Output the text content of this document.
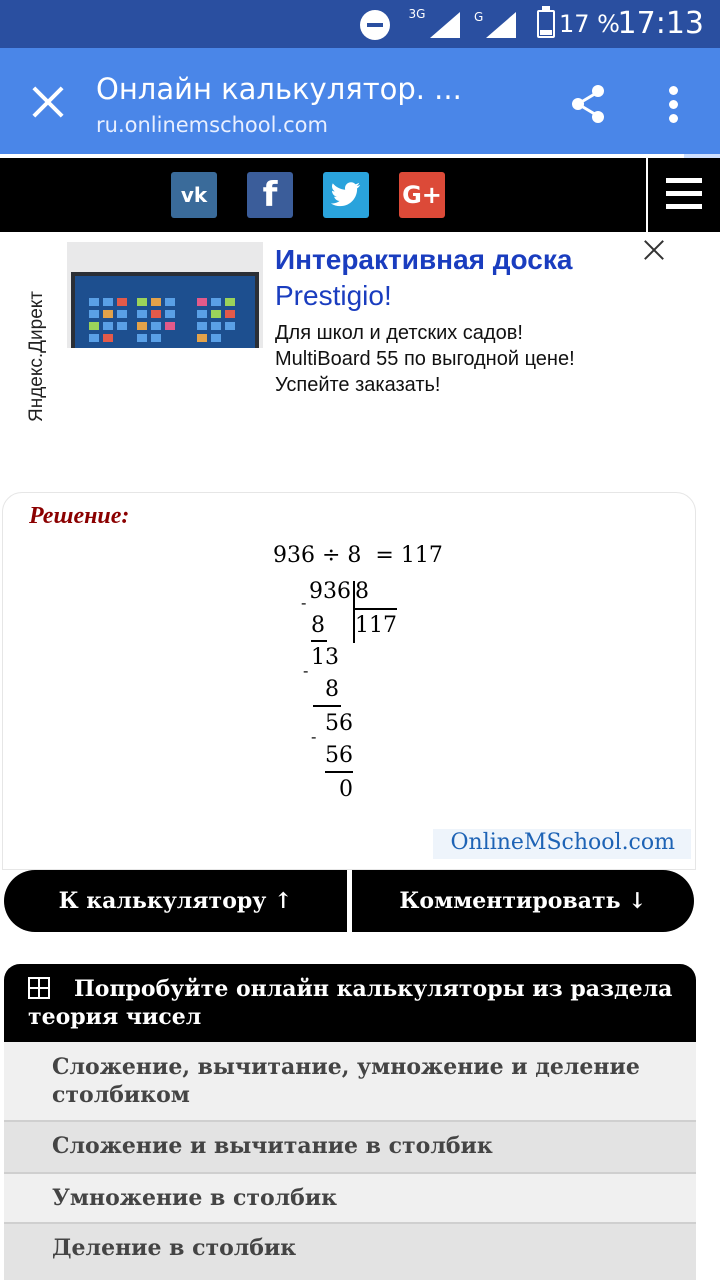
3G	G	17 %
17:13
Онлайн калькулятор. ...
ru.onlinemschool.com
vk	f	G+
Яндекс.Директ
Интерактивная доска
Prestigio!
Для школ и детских садов!
MultiBoard 55 по выгодной цене!
Успейте заказать!
Решение:
936 ÷ 8  = 117
936 8
117
-
8
13
-
8
56
-
56
0
OnlineMSchool.com
К калькулятору ↑	Комментировать ↓
Попробуйте онлайн калькуляторы из раздела теория чисел
Сложение, вычитание, умножение и деление столбиком
Сложение и вычитание в столбик
Умножение в столбик
Деление в столбик
